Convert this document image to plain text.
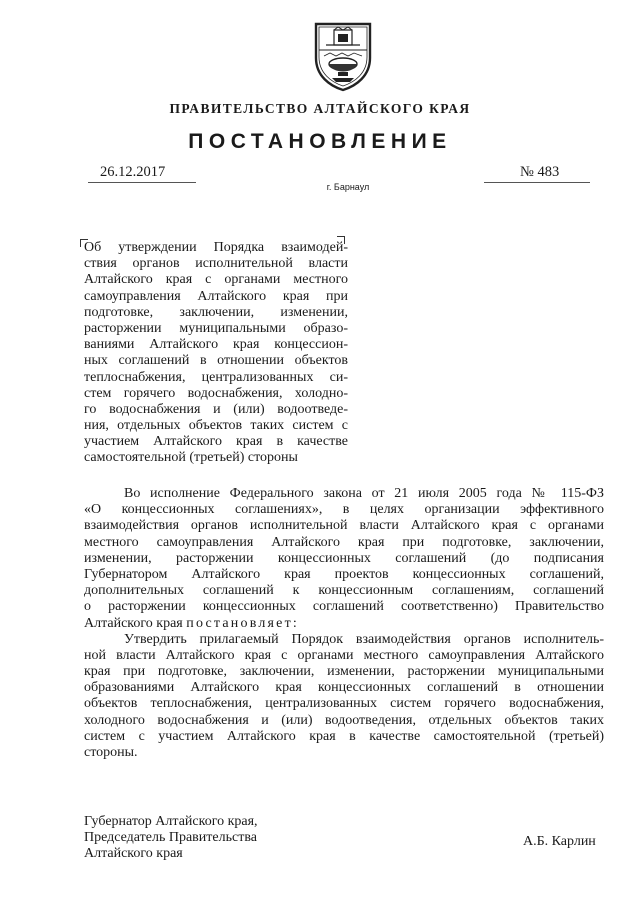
ПРАВИТЕЛЬСТВО АЛТАЙСКОГО КРАЯ
ПОСТАНОВЛЕНИЕ
26.12.2017	№ 483
г. Барнаул
Об утверждении Порядка взаимодей-
ствия органов исполнительной власти
Алтайского края с органами местного
самоуправления Алтайского края при
подготовке, заключении, изменении,
расторжении муниципальными образо-
ваниями Алтайского края концессион-
ных соглашений в отношении объектов
теплоснабжения, централизованных си-
стем горячего водоснабжения, холодно-
го водоснабжения и (или) водоотведе-
ния, отдельных объектов таких систем с
участием Алтайского края в качестве
самостоятельной (третьей) стороны
Во исполнение Федерального закона от 21 июля 2005 года № 115-ФЗ
«О концессионных соглашениях», в целях организации эффективного
взаимодействия органов исполнительной власти Алтайского края с органами
местного самоуправления Алтайского края при подготовке, заключении,
изменении, расторжении концессионных соглашений (до подписания
Губернатором Алтайского края проектов концессионных соглашений,
дополнительных соглашений к концессионным соглашениям, соглашений
о расторжении концессионных соглашений соответственно) Правительство
Алтайского края постановляет:
Утвердить прилагаемый Порядок взаимодействия органов исполнитель-
ной власти Алтайского края с органами местного самоуправления Алтайского
края при подготовке, заключении, изменении, расторжении муниципальными
образованиями Алтайского края концессионных соглашений в отношении
объектов теплоснабжения, централизованных систем горячего водоснабжения,
холодного водоснабжения и (или) водоотведения, отдельных объектов таких
систем с участием Алтайского края в качестве самостоятельной (третьей)
стороны.
Губернатор Алтайского края,
Председатель Правительства
Алтайского края
А.Б. Карлин
